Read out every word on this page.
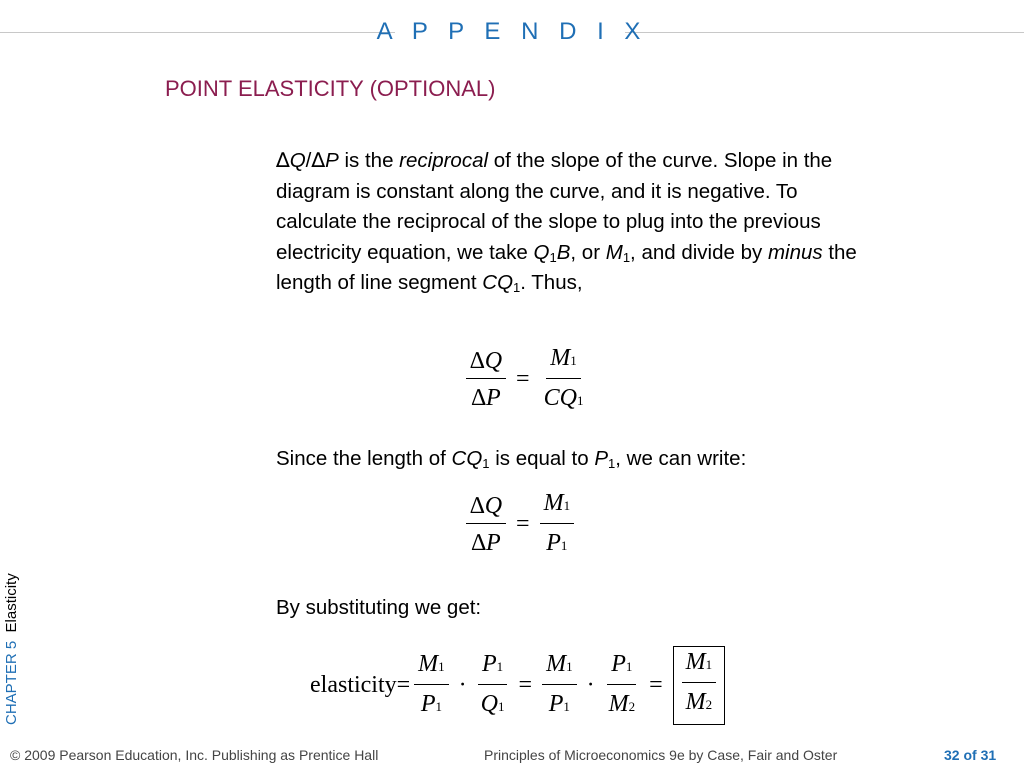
A P P E N D I X
POINT ELASTICITY (OPTIONAL)
CHAPTER 5  Elasticity
∆Q/∆P is the reciprocal of the slope of the curve. Slope in the diagram is constant along the curve, and it is negative. To calculate the reciprocal of the slope to plug into the previous electricity equation, we take $Q_1B$, or $M_1$, and divide by minus the length of line segment $CQ_1$. Thus,
$\frac{\Delta Q}{\Delta P} = \frac{M1}{CQ1}$
Since the length of $CQ_1$ is equal to $P_1$, we can write:
$\frac{\Delta Q}{\Delta P} = \frac{M1}{P1}$
By substituting we get:
elasticity= $\frac{M1}{P1} \cdot \frac{P1}{Q1} = \frac{M1}{P1} \cdot \frac{P1}{M2} = \frac{M1}{M2}$
© 2009 Pearson Education, Inc. Publishing as Prentice Hall	Principles of Microeconomics 9e by Case, Fair and Oster	32 of 31
